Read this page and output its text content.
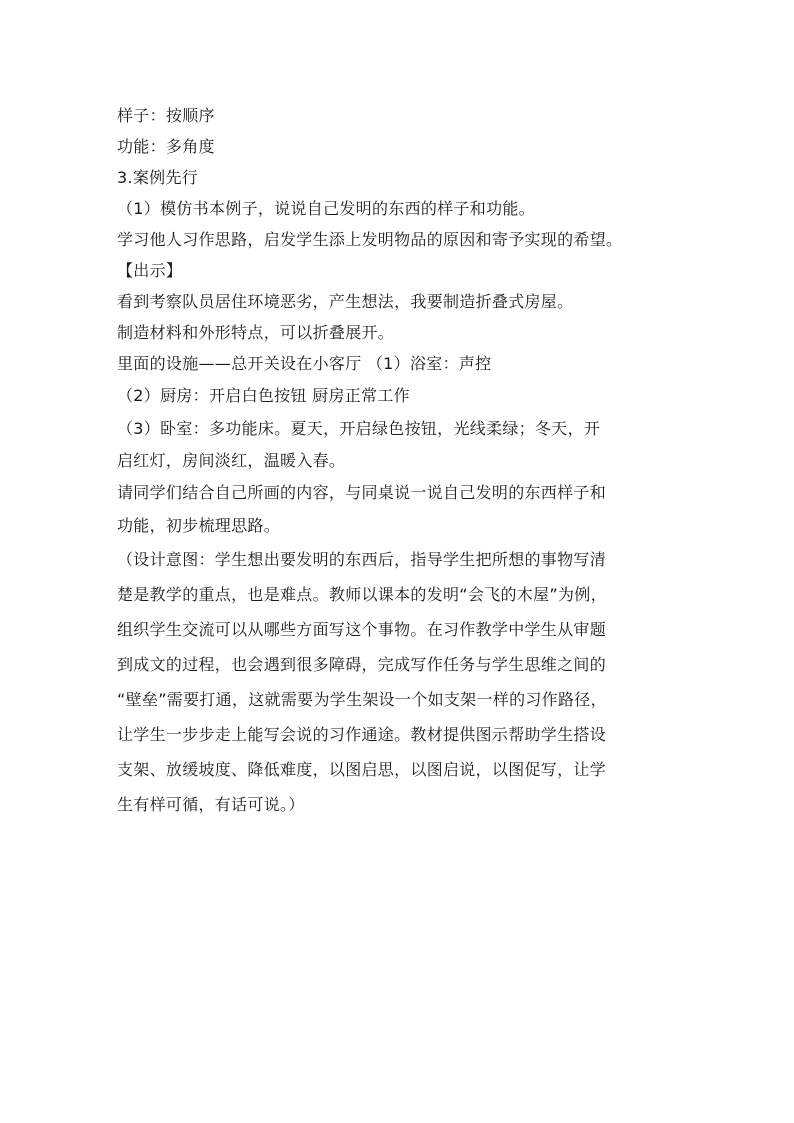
样子：按顺序

功能：多角度

3.案例先行

（1）模仿书本例子，说说自己发明的东西的样子和功能。

学习他人习作思路，启发学生添上发明物品的原因和寄予实现的希望。

【出示】

看到考察队员居住环境恶劣，产生想法，我要制造折叠式房屋。

制造材料和外形特点，可以折叠展开。

里面的设施——总开关设在小客厅 （1）浴室：声控

（2）厨房：开启白色按钮 厨房正常工作

（3）卧室：多功能床。夏天，开启绿色按钮，光线柔绿；冬天，开

启红灯，房间淡红，温暖入春。

请同学们结合自己所画的内容，与同桌说一说自己发明的东西样子和

功能，初步梳理思路。

（设计意图：学生想出要发明的东西后，指导学生把所想的事物写清

楚是教学的重点，也是难点。教师以课本的发明“会飞的木屋”为例，

组织学生交流可以从哪些方面写这个事物。在习作教学中学生从审题

到成文的过程，也会遇到很多障碍，完成写作任务与学生思维之间的

“壁垒”需要打通，这就需要为学生架设一个如支架一样的习作路径，

让学生一步步走上能写会说的习作通途。教材提供图示帮助学生搭设

支架、放缓坡度、降低难度，以图启思，以图启说，以图促写，让学

生有样可循，有话可说。）
